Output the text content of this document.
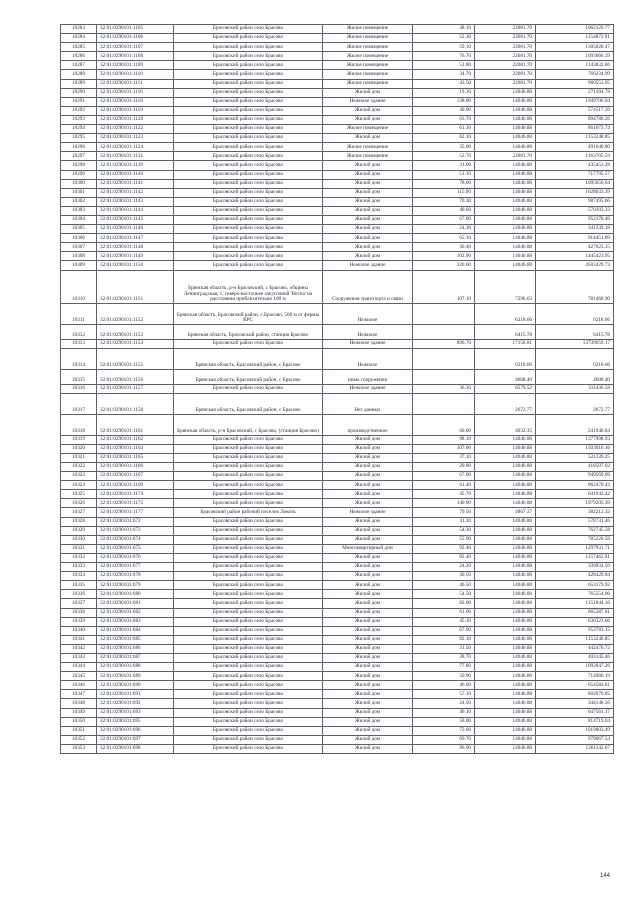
10283	32:01:0290101:1105	Брасовский район село Брасово	Жилое помещение	48.10	22081.70	1062129.77
10284	32:01:0290101:1106	Брасовский район село Брасово	Жилое помещение	52.30	22081.70	1154872.91
10285	32:01:0290101:1107	Брасовский район село Брасово	Жилое помещение	59.10	22081.70	1305028.47
10286	32:01:0290101:1108	Брасовский район село Брасово	Жилое помещение	76.70	22081.70	1693666.39
10287	32:01:0290101:1109	Брасовский район село Брасово	Жилое помещение	51.80	22081.70	1143832.06
10288	32:01:0290101:1110	Брасовский район село Брасово	Жилое помещение	34.70	22081.70	766234.99
10289	32:01:0290101:1111	Брасовский район село Брасово	Жилое помещение	43.50	22081.70	960553.95
10290	32:01:0290101:1116	Брасовский район село Брасово	Жилой дом	19.30	14046.88	271104.78
10291	32:01:0290101:1118	Брасовский район село Брасово	Нежилое здание	138.80	14046.88	1949706.94
10292	32:01:0290101:1119	Брасовский район село Брасово	Жилой дом	40.90	14046.88	574517.39
10293	32:01:0290101:1120	Брасовский район село Брасово	Жилой дом	63.70	14046.88	894786.26
10294	32:01:0290101:1122	Брасовский район село Брасово	Жилое помещение	61.30	14046.88	861073.74
10295	32:01:0290101:1123	Брасовский район село Брасово	Жилой дом	82.10	14046.88	1153248.85
10296	32:01:0290101:1124	Брасовский район село Брасово	Жилое помещение	35.00	14046.88	491640.80
10297	32:01:0290101:1131	Брасовский район село Брасово	Жилое помещение	52.70	22081.70	1163705.59
10298	32:01:0290101:1139	Брасовский район село Брасово	Жилой дом	31.00	14046.88	435453.28
10299	32:01:0290101:1140	Брасовский район село Брасово	Жилой дом	51.10	14046.88	717795.57
10300	32:01:0290101:1141	Брасовский район село Брасово	Жилой дом	78.00	14046.88	1095656.64
10301	32:01:0290101:1142	Брасовский район село Брасово	Жилой дом	115.90	14046.88	1628033.39
10302	32:01:0290101:1143	Брасовский район село Брасово	Жилой дом	70.30	14046.88	987495.66
10303	32:01:0290101:1144	Брасовский район село Брасово	Жилой дом	40.60	14046.88	570303.33
10304	32:01:0290101:1145	Брасовский район село Брасово	Жилой дом	67.80	14046.88	952378.46
10305	32:01:0290101:1146	Брасовский район село Брасово	Жилой дом	24.30	14046.88	341339.18
10306	32:01:0290101:1147	Брасовский район село Брасово	Жилой дом	65.10	14046.88	914451.89
10307	32:01:0290101:1148	Брасовский район село Брасово	Жилой дом	30.40	14046.88	427025.15
10308	32:01:0290101:1149	Брасовский район село Брасово	Жилой дом	102.90	14046.88	1445423.95
10309	32:01:0290101:1150	Брасовский район село Брасово	Нежилое здание	320.60	14046.88	4503429.73
10310	32:01:0290101:1151	Брянская область, р-н Брасовский, с Брасово, общины Ленинградская, 1, северо-восточнее закусочной 'Весна' на расстоянии приблизительно 100 м	Сооружения транспорта и связи	107.10	7296.63	781468.90
10311	32:01:0290101:1152	Брянская область, Брасовский район, с.Брасово, 500 м от фермы КРС	Нежилое		6218.66	6218.66
10312	32:01:0290101:1153	Брянская область, Брасовский район, станция Брасово	Нежилое		6415.78	6415.78
10313	32:01:0290101:1154	Брасовский район село Брасово	Нежилое здание	800.70	17158.81	13739059.17
10314	32:01:0290101:1155	Брянская область, Брасовский район, с Брасово	Нежилое		6218.66	6218.66
10315	32:01:0290101:1156	Брянская область, Брасовский район, с Брасово	иные сооружения		4608.40	4608.40
10316	32:01:0290101:1157	Брасовский район село Брасово	Нежилое здание	36.30	8579.52	311436.58
10317	32:01:0290101:1158	Брянская область, Брасовский район, с Брасово	Нет данных		2672.77	2672.77
10318	32:01:0290101:1161	Брянская область, р-н Брасовский, с Брасово, (станция Брасово)	производственное	60.00	4032.35	241940.84
10319	32:01:0290101:1162	Брасовский район село Брасово	Жилой дом	98.10	14046.88	1377998.93
10320	32:01:0290101:1164	Брасовский район село Брасово	Жилой дом	107.00	14046.88	1503016.16
10321	32:01:0290101:1165	Брасовский район село Брасово	Жилой дом	37.10	14046.88	521139.25
10322	32:01:0290101:1166	Брасовский район село Брасово	Жилой дом	29.80	14046.88	418597.02
10323	32:01:0290101:1167	Брасовский район село Брасово	Жилой дом	67.60	14046.88	949569.09
10324	32:01:0290101:1169	Брасовский район село Брасово	Жилой дом	61.40	14046.88	862478.43
10325	32:01:0290101:1174	Брасовский район село Брасово	Жилой дом	45.70	14046.88	641942.42
10326	32:01:0290101:1175	Брасовский район село Брасово	Жилой дом	140.90	14046.88	1979205.39
10327	32:01:0290101:1177	Брасовский район рабочий поселок Локоть	Нежилое здание	79.50	4867.37	382212.32
10328	32:01:0290101:672	Брасовский район село Брасово	Жилой дом	41.20	14046.88	578731.46
10329	32:01:0290101:673	Брасовский район село Брасово	Жилой дом	54.30	14046.88	762745.58
10330	32:01:0290101:674	Брасовский район село Брасово	Жилой дом	55.90	14046.88	785220.59
10331	32:01:0290101:675	Брасовский район село Брасово	Многоквартирный дом	92.40	14046.88	1297931.71
10332	32:01:0290101:676	Брасовский район село Брасово	Жилой дом	82.40	14046.88	1157462.91
10333	32:01:0290101:677	Брасовский район село Брасово	Жилой дом	24.20	14046.88	339934.50
10334	32:01:0290101:678	Брасовский район село Брасово	Жилой дом	30.50	14046.88	428429.84
10335	32:01:0290101:679	Брасовский район село Брасово	Жилой дом	46.50	14046.88	653179.92
10336	32:01:0290101:680	Брасовский район село Брасово	Жилой дом	54.50	14046.88	765554.96
10337	32:01:0290101:681	Брасовский район село Брасово	Жилой дом	82.00	14046.88	1151844.16
10338	32:01:0290101:682	Брасовский район село Брасово	Жилой дом	61.60	14046.88	865287.81
10339	32:01:0290101:683	Брасовский район село Брасово	Жилой дом	45.30	14046.88	636323.66
10340	32:01:0290101:684	Брасовский район село Брасово	Жилой дом	67.90	14046.88	953783.15
10341	32:01:0290101:685	Брасовский район село Брасово	Жилой дом	82.10	14046.88	1153248.85
10342	32:01:0290101:686	Брасовский район село Брасово	Жилой дом	31.50	14046.88	442476.72
10343	32:01:0290101:687	Брасовский район село Брасово	Жилой дом	28.70	14046.88	403145.46
10344	32:01:0290101:688	Брасовский район село Брасово	Жилой дом	77.80	14046.88	1092847.26
10345	32:01:0290101:689	Брасовский район село Брасово	Жилой дом	50.90	14046.88	714986.19
10346	32:01:0290101:690	Брасовский район село Брасово	Жилой дом	46.60	14046.88	654584.61
10347	32:01:0290101:691	Брасовский район село Брасово	Жилой дом	57.10	14046.88	802076.85
10348	32:01:0290101:692	Брасовский район село Брасово	Жилой дом	24.50	14046.88	344148.56
10349	32:01:0290101:693	Брасовский район село Брасово	Жилой дом	46.10	14046.88	647561.17
10350	32:01:0290101:695	Брасовский район село Брасово	Жилой дом	58.00	14046.88	814719.04
10351	32:01:0290101:696	Брасовский район село Брасово	Жилой дом	72.60	14046.88	1019803.49
10352	32:01:0290101:697	Брасовский район село Брасово	Жилой дом	69.70	14046.88	979067.54
10353	32:01:0290101:698	Брасовский район село Брасово	Жилой дом	96.90	14046.88	1361142.67
144
